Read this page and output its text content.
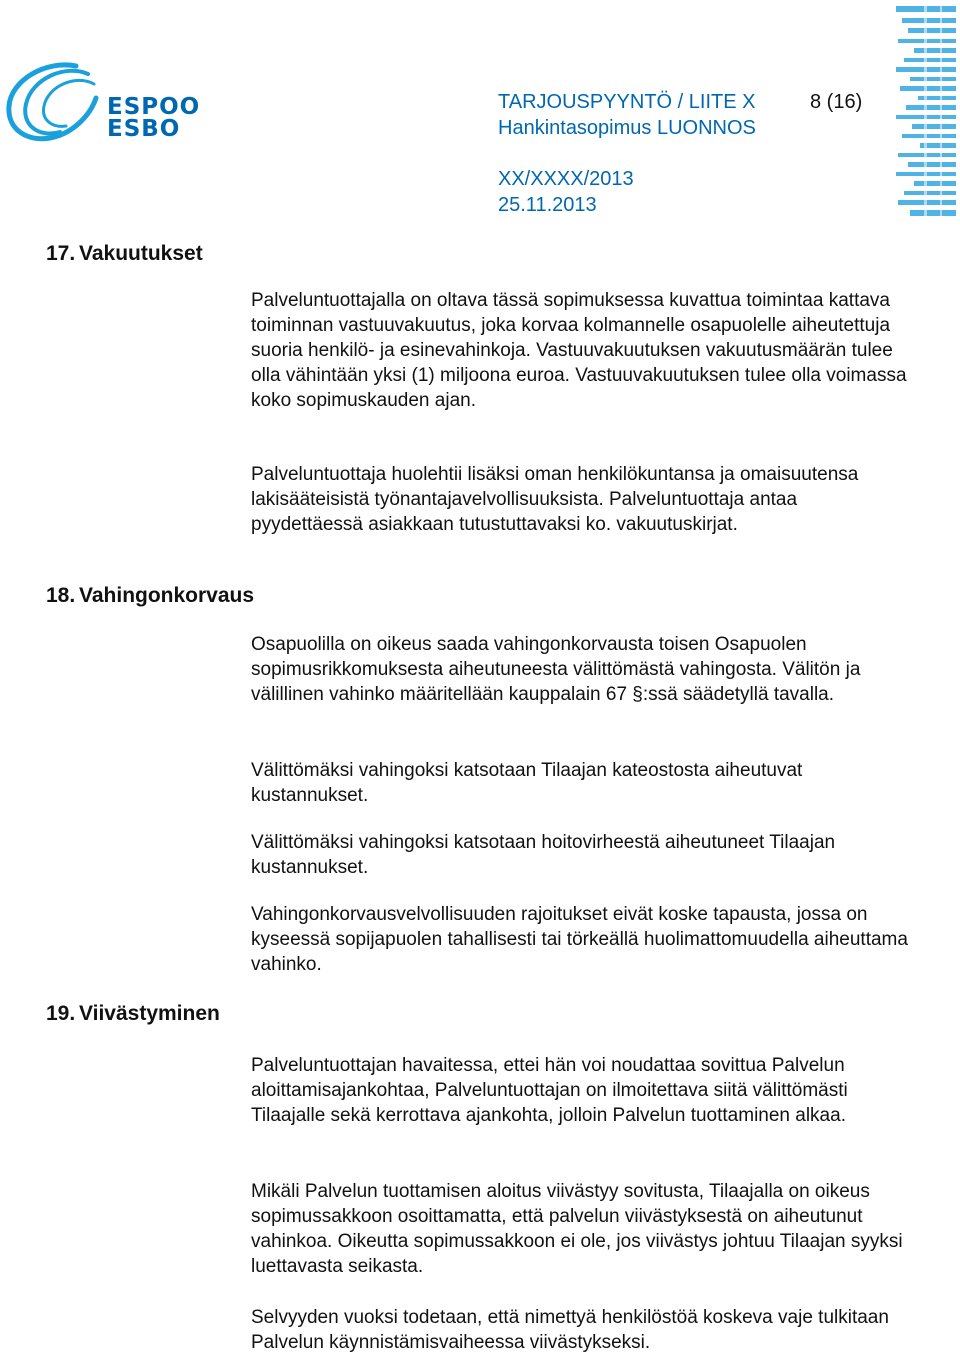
ESPOO
ESBO
TARJOUSPYYNTÖ / LIITE X
Hankintasopimus LUONNOS
8 (16)
XX/XXXX/2013
25.11.2013
17. Vakuutukset

Palveluntuottajalla on oltava tässä sopimuksessa kuvattua toimintaa kattava toiminnan vastuuvakuutus, joka korvaa kolmannelle osapuolelle aiheutettuja suoria henkilö- ja esinevahinkoja. Vastuuvakuutuksen vakuutusmäärän tulee olla vähintään yksi (1) miljoona euroa. Vastuuvakuutuksen tulee olla voimassa koko sopimuskauden ajan.

Palveluntuottaja huolehtii lisäksi oman henkilökuntansa ja omaisuutensa lakisääteisistä työnantajavelvollisuuksista. Palveluntuottaja antaa pyydettäessä asiakkaan tutustuttavaksi ko. vakuutuskirjat.

18. Vahingonkorvaus

Osapuolilla on oikeus saada vahingonkorvausta toisen Osapuolen sopimusrikkomuksesta aiheutuneesta välittömästä vahingosta. Välitön ja välillinen vahinko määritellään kauppalain 67 §:ssä säädetyllä tavalla.

Välittömäksi vahingoksi katsotaan Tilaajan kateostosta aiheutuvat kustannukset.

Välittömäksi vahingoksi katsotaan hoitovirheestä aiheutuneet Tilaajan kustannukset.

Vahingonkorvausvelvollisuuden rajoitukset eivät koske tapausta, jossa on kyseessä sopijapuolen tahallisesti tai törkeällä huolimattomuudella aiheuttama vahinko.

19. Viivästyminen

Palveluntuottajan havaitessa, ettei hän voi noudattaa sovittua Palvelun aloittamisajankohtaa, Palveluntuottajan on ilmoitettava siitä välittömästi Tilaajalle sekä kerrottava ajankohta, jolloin Palvelun tuottaminen alkaa.

Mikäli Palvelun tuottamisen aloitus viivästyy sovitusta, Tilaajalla on oikeus sopimussakkoon osoittamatta, että palvelun viivästyksestä on aiheutunut vahinkoa. Oikeutta sopimussakkoon ei ole, jos viivästys johtuu Tilaajan syyksi luettavasta seikasta.

Selvyyden vuoksi todetaan, että nimettyä henkilöstöä koskeva vaje tulkitaan Palvelun käynnistämisvaiheessa viivästykseksi.
